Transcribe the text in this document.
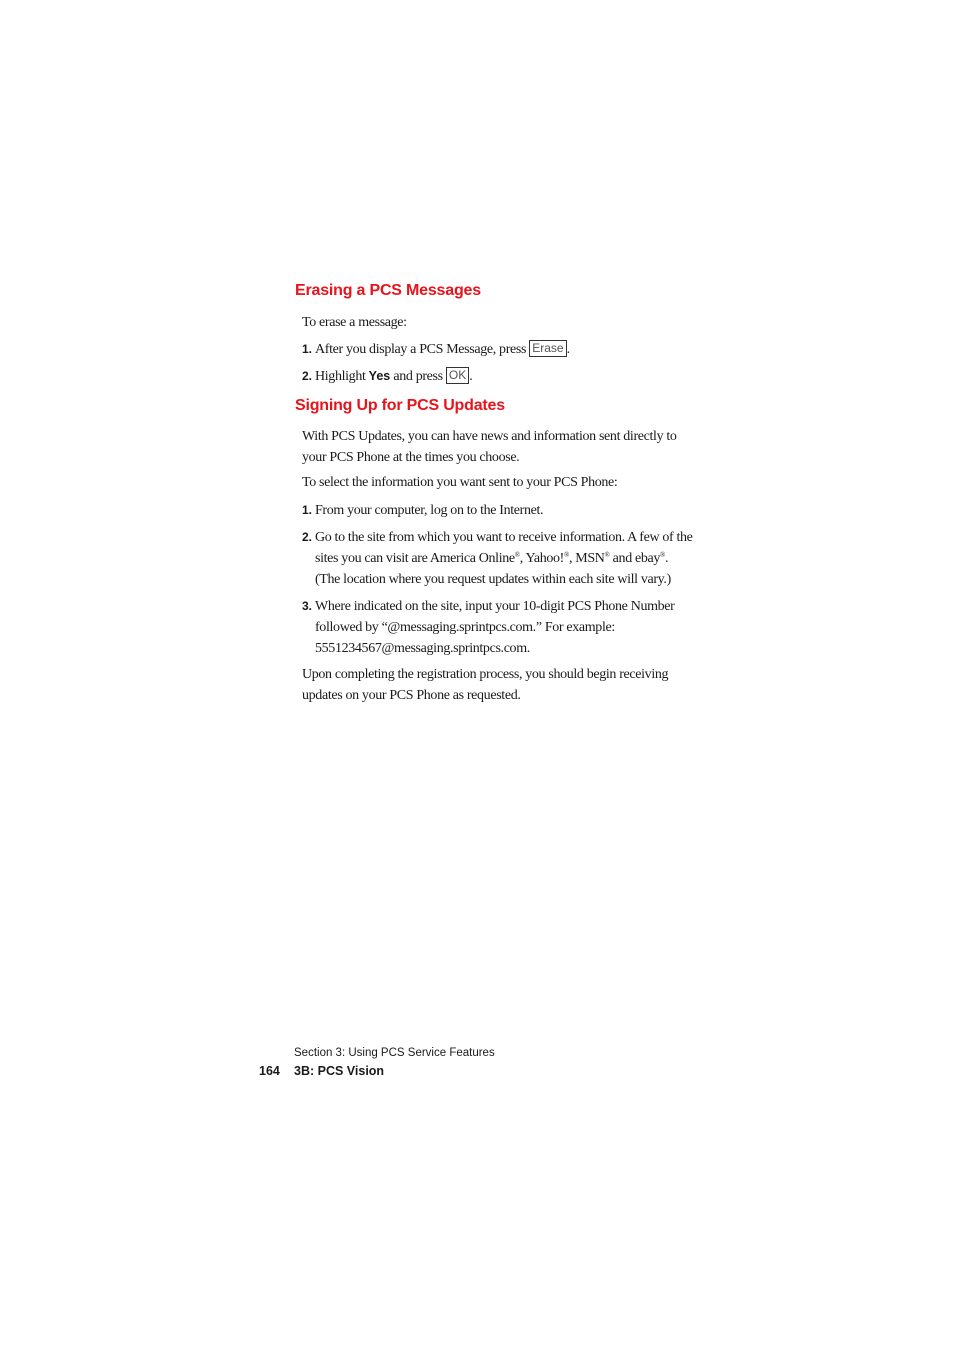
Erasing a PCS Messages

To erase a message:

1. After you display a PCS Message, press Erase .
2. Highlight Yes and press OK .
Signing Up for PCS Updates

With PCS Updates, you can have news and information sent directly to your PCS Phone at the times you choose.

To select the information you want sent to your PCS Phone:

1. From your computer, log on to the Internet.
2. Go to the site from which you want to receive information. A few of the sites you can visit are America Online®, Yahoo!®, MSN® and ebay®. (The location where you request updates within each site will vary.)
3. Where indicated on the site, input your 10-digit PCS Phone Number followed by “@messaging.sprintpcs.com.” For example: 5551234567@messaging.sprintpcs.com.

Upon completing the registration process, you should begin receiving updates on your PCS Phone as requested.

Section 3: Using PCS Service Features
164 3B: PCS Vision
